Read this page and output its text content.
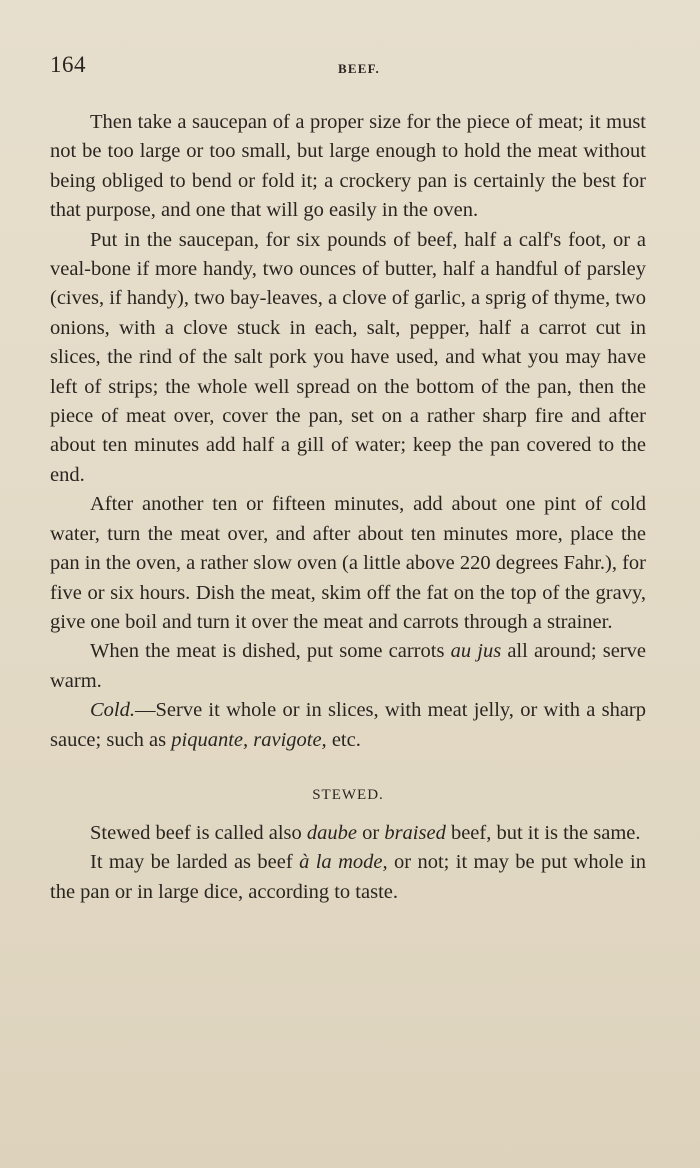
164	BEEF.

Then take a saucepan of a proper size for the piece of meat; it must not be too large or too small, but large enough to hold the meat without being obliged to bend or fold it; a crockery pan is certainly the best for that purpose, and one that will go easily in the oven.

Put in the saucepan, for six pounds of beef, half a calf's foot, or a veal-bone if more handy, two ounces of butter, half a handful of parsley (cives, if handy), two bay-leaves, a clove of garlic, a sprig of thyme, two onions, with a clove stuck in each, salt, pepper, half a carrot cut in slices, the rind of the salt pork you have used, and what you may have left of strips; the whole well spread on the bottom of the pan, then the piece of meat over, cover the pan, set on a rather sharp fire and after about ten minutes add half a gill of water; keep the pan covered to the end.

After another ten or fifteen minutes, add about one pint of cold water, turn the meat over, and after about ten minutes more, place the pan in the oven, a rather slow oven (a little above 220 degrees Fahr.), for five or six hours. Dish the meat, skim off the fat on the top of the gravy, give one boil and turn it over the meat and carrots through a strainer.

When the meat is dished, put some carrots au jus all around; serve warm.

Cold.—Serve it whole or in slices, with meat jelly, or with a sharp sauce; such as piquante, ravigote, etc.

STEWED.

Stewed beef is called also daube or braised beef, but it is the same.

It may be larded as beef à la mode, or not; it may be put whole in the pan or in large dice, according to taste.
